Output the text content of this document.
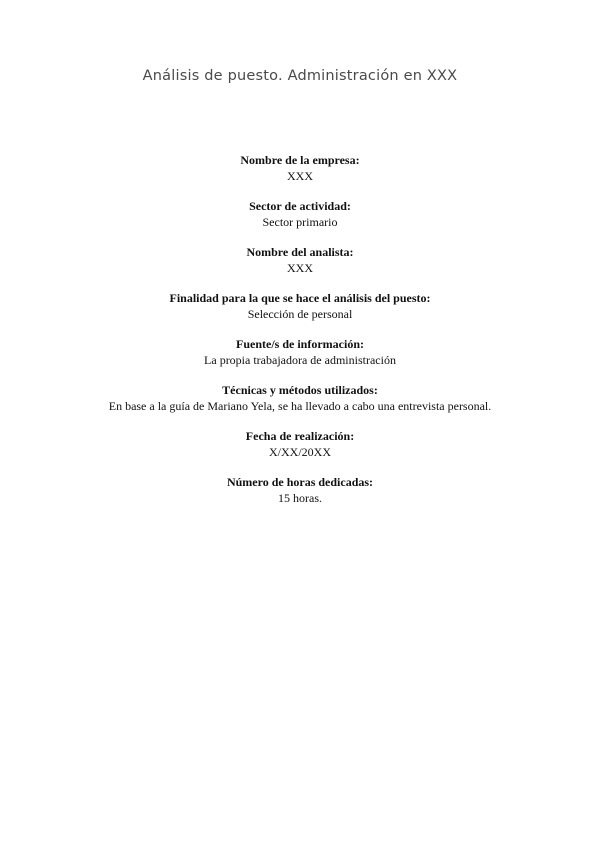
Análisis de puesto. Administración en XXX
Nombre de la empresa:
XXX
Sector de actividad:
Sector primario
Nombre del analista:
XXX
Finalidad para la que se hace el análisis del puesto:
Selección de personal
Fuente/s de información:
La propia trabajadora de administración
Técnicas y métodos utilizados:
En base a la guía de Mariano Yela, se ha llevado a cabo una entrevista personal.
Fecha de realización:
X/XX/20XX
Número de horas dedicadas:
15 horas.
